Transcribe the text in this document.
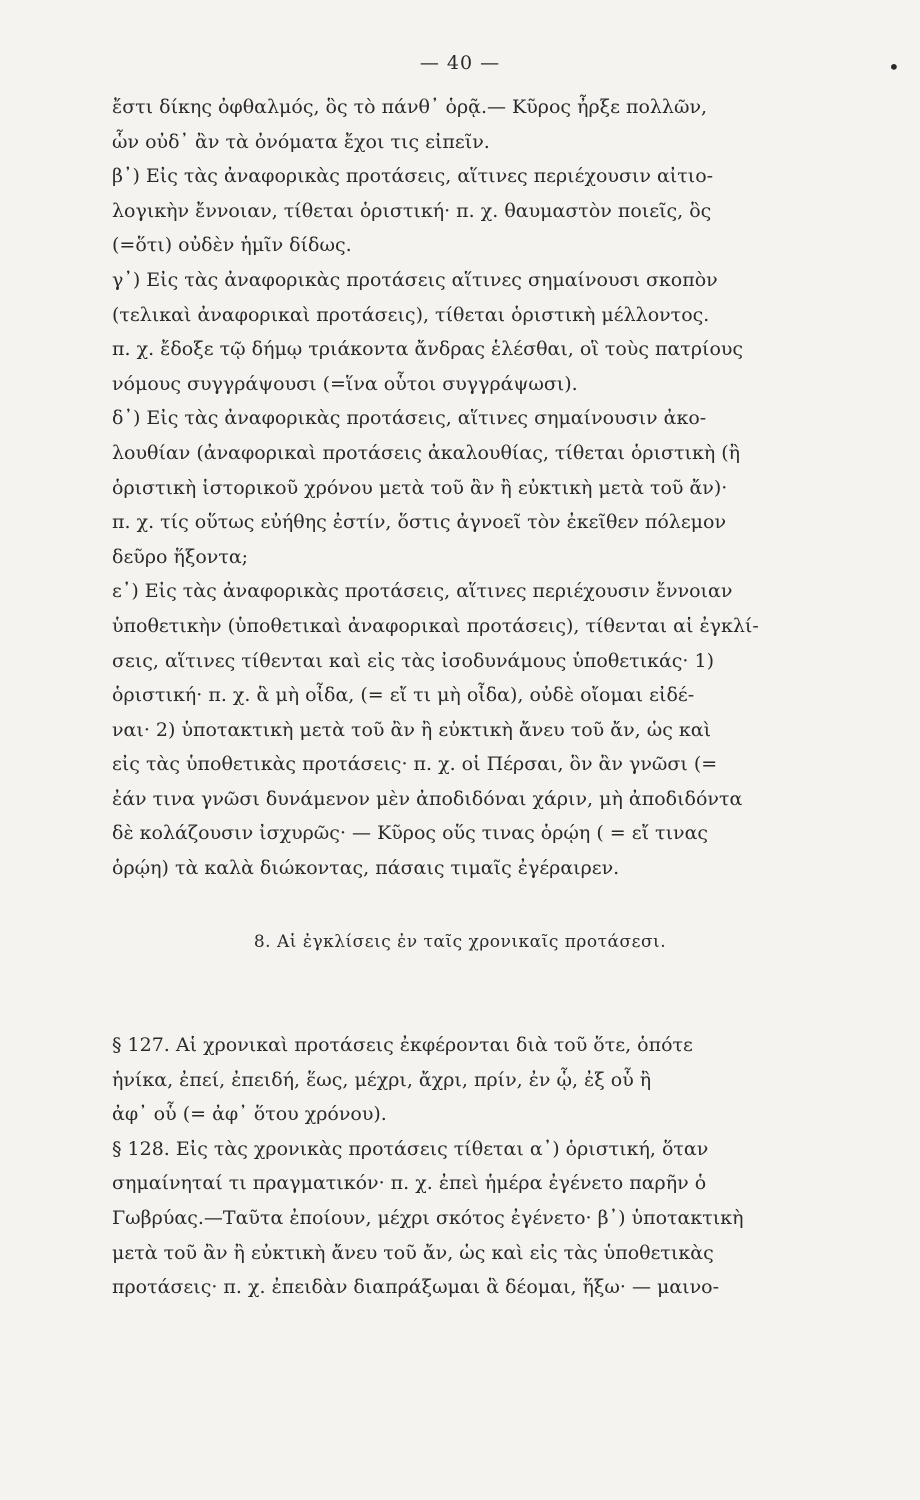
— 40 —	•
ἔστι δίκης ὀφθαλμός, ὃς τὸ πάνθ᾽ ὁρᾷ.— Κῦρος ἦρξε πολλῶν,
ὧν οὐδ᾽ ἂν τὰ ὀνόματα ἔχοι τις εἰπεῖν.
β᾽) Εἰς τὰς ἀναφορικὰς προτάσεις, αἵτινες περιέχουσιν αἰτιο-
λογικὴν ἔννοιαν, τίθεται ὁριστική· π. χ. θαυμαστὸν ποιεῖς, ὃς
(=ὅτι) οὐδὲν ἡμῖν δίδως.
γ᾽) Εἰς τὰς ἀναφορικὰς προτάσεις αἵτινες σημαίνουσι σκοπὸν
(τελικαὶ ἀναφορικαὶ προτάσεις), τίθεται ὁριστικὴ μέλλοντος.
π. χ. ἔδοξε τῷ δήμῳ τριάκοντα ἄνδρας ἑλέσθαι, οἳ τοὺς πατρίους
νόμους συγγράψουσι (=ἵνα οὗτοι συγγράψωσι).
δ᾽) Εἰς τὰς ἀναφορικὰς προτάσεις, αἵτινες σημαίνουσιν ἀκο-
λουθίαν (ἀναφορικαὶ προτάσεις ἀκαλουθίας, τίθεται ὁριστικὴ (ἢ
ὁριστικὴ ἱστορικοῦ χρόνου μετὰ τοῦ ἂν ἢ εὐκτικὴ μετὰ τοῦ ἄν)·
π. χ. τίς οὕτως εὐήθης ἐστίν, ὅστις ἀγνοεῖ τὸν ἐκεῖθεν πόλεμον
δεῦρο ἥξοντα;
ε᾽) Εἰς τὰς ἀναφορικὰς προτάσεις, αἵτινες περιέχουσιν ἔννοιαν
ὑποθετικὴν (ὑποθετικαὶ ἀναφορικαὶ προτάσεις), τίθενται αἱ ἐγκλί-
σεις, αἵτινες τίθενται καὶ εἰς τὰς ἰσοδυνάμους ὑποθετικάς· 1)
ὁριστική· π. χ. ἃ μὴ οἶδα, (= εἴ τι μὴ οἶδα), οὐδὲ οἴομαι εἰδέ-
ναι· 2) ὑποτακτικὴ μετὰ τοῦ ἂν ἢ εὐκτικὴ ἄνευ τοῦ ἄν, ὡς καὶ
εἰς τὰς ὑποθετικὰς προτάσεις· π. χ. οἱ Πέρσαι, ὃν ἂν γνῶσι (=
ἐάν τινα γνῶσι δυνάμενον μὲν ἀποδιδόναι χάριν, μὴ ἀποδιδόντα
δὲ κολάζουσιν ἰσχυρῶς· — Κῦρος οὕς τινας ὁρῴη ( = εἴ τινας
ὁρῴη) τὰ καλὰ διώκοντας, πάσαις τιμαῖς ἐγέραιρεν.
8. Αἱ ἐγκλίσεις ἐν ταῖς χρονικαῖς προτάσεσι.
§ 127. Αἱ χρονικαὶ προτάσεις ἐκφέρονται διὰ τοῦ ὅτε, ὁπότε
ἡνίκα, ἐπεί, ἐπειδή, ἕως, μέχρι, ἄχρι, πρίν, ἐν ᾧ, ἐξ οὗ ἢ
ἀφ᾽ οὗ (= ἀφ᾽ ὅτου χρόνου).
§ 128. Εἰς τὰς χρονικὰς προτάσεις τίθεται α᾽) ὁριστική, ὅταν
σημαίνηταί τι πραγματικόν· π. χ. ἐπεὶ ἡμέρα ἐγένετο παρῆν ὁ
Γωβρύας.—Ταῦτα ἐποίουν, μέχρι σκότος ἐγένετο· β᾽) ὑποτακτικὴ
μετὰ τοῦ ἂν ἢ εὐκτικὴ ἄνευ τοῦ ἄν, ὡς καὶ εἰς τὰς ὑποθετικὰς
προτάσεις· π. χ. ἐπειδὰν διαπράξωμαι ἃ δέομαι, ἥξω· — μαινο-
